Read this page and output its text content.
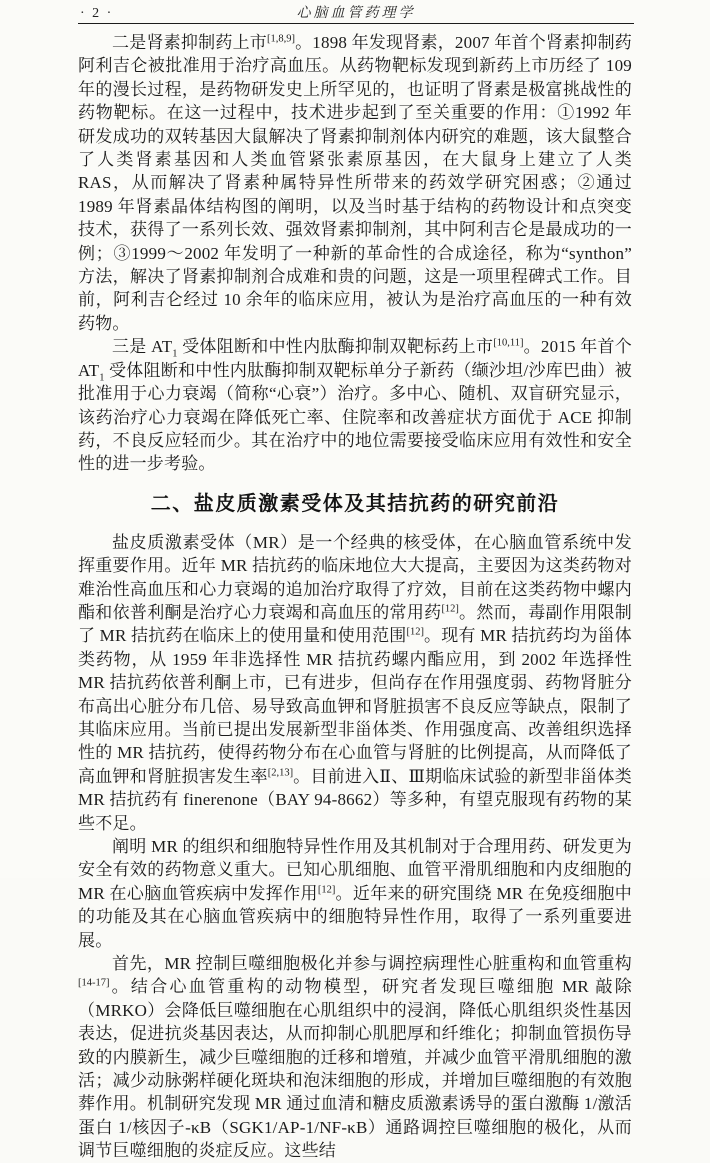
· 2 ·	心脑血管药理学

二是肾素抑制药上市[1,8,9]。1898 年发现肾素，2007 年首个肾素抑制药阿利吉仑被批准用于治疗高血压。从药物靶标发现到新药上市历经了 109 年的漫长过程，是药物研发史上所罕见的，也证明了肾素是极富挑战性的药物靶标。在这一过程中，技术进步起到了至关重要的作用：①1992 年研发成功的双转基因大鼠解决了肾素抑制剂体内研究的难题，该大鼠整合了人类肾素基因和人类血管紧张素原基因，在大鼠身上建立了人类 RAS，从而解决了肾素种属特异性所带来的药效学研究困惑；②通过 1989 年肾素晶体结构图的阐明，以及当时基于结构的药物设计和点突变技术，获得了一系列长效、强效肾素抑制剂，其中阿利吉仑是最成功的一例；③1999～2002 年发明了一种新的革命性的合成途径，称为“synthon”方法，解决了肾素抑制剂合成难和贵的问题，这是一项里程碑式工作。目前，阿利吉仑经过 10 余年的临床应用，被认为是治疗高血压的一种有效药物。

三是 $AT_1$ 受体阻断和中性内肽酶抑制双靶标药上市[10,11]。2015 年首个 $AT_1$ 受体阻断和中性内肽酶抑制双靶标单分子新药（缬沙坦/沙库巴曲）被批准用于心力衰竭（简称“心衰”）治疗。多中心、随机、双盲研究显示，该药治疗心力衰竭在降低死亡率、住院率和改善症状方面优于 ACE 抑制药，不良反应轻而少。其在治疗中的地位需要接受临床应用有效性和安全性的进一步考验。

二、盐皮质激素受体及其拮抗药的研究前沿

盐皮质激素受体（MR）是一个经典的核受体，在心脑血管系统中发挥重要作用。近年 MR 拮抗药的临床地位大大提高，主要因为这类药物对难治性高血压和心力衰竭的追加治疗取得了疗效，目前在这类药物中螺内酯和依普利酮是治疗心力衰竭和高血压的常用药[12]。然而，毒副作用限制了 MR 拮抗药在临床上的使用量和使用范围[12]。现有 MR 拮抗药均为甾体类药物，从 1959 年非选择性 MR 拮抗药螺内酯应用，到 2002 年选择性 MR 拮抗药依普利酮上市，已有进步，但尚存在作用强度弱、药物肾脏分布高出心脏分布几倍、易导致高血钾和肾脏损害不良反应等缺点，限制了其临床应用。当前已提出发展新型非甾体类、作用强度高、改善组织选择性的 MR 拮抗药，使得药物分布在心血管与肾脏的比例提高，从而降低了高血钾和肾脏损害发生率[2,13]。目前进入Ⅱ、Ⅲ期临床试验的新型非甾体类 MR 拮抗药有 finerenone（BAY 94-8662）等多种，有望克服现有药物的某些不足。

阐明 MR 的组织和细胞特异性作用及其机制对于合理用药、研发更为安全有效的药物意义重大。已知心肌细胞、血管平滑肌细胞和内皮细胞的 MR 在心脑血管疾病中发挥作用[12]。近年来的研究围绕 MR 在免疫细胞中的功能及其在心脑血管疾病中的细胞特异性作用，取得了一系列重要进展。

首先，MR 控制巨噬细胞极化并参与调控病理性心脏重构和血管重构[14-17]。结合心血管重构的动物模型，研究者发现巨噬细胞 MR 敲除（MRKO）会降低巨噬细胞在心肌组织中的浸润，降低心肌组织炎性基因表达，促进抗炎基因表达，从而抑制心肌肥厚和纤维化；抑制血管损伤导致的内膜新生，减少巨噬细胞的迁移和增殖，并减少血管平滑肌细胞的激活；减少动脉粥样硬化斑块和泡沫细胞的形成，并增加巨噬细胞的有效胞葬作用。机制研究发现 MR 通过血清和糖皮质激素诱导的蛋白激酶 1/激活蛋白 1/核因子-κB（SGK1/AP-1/NF-κB）通路调控巨噬细胞的极化，从而调节巨噬细胞的炎症反应。这些结
